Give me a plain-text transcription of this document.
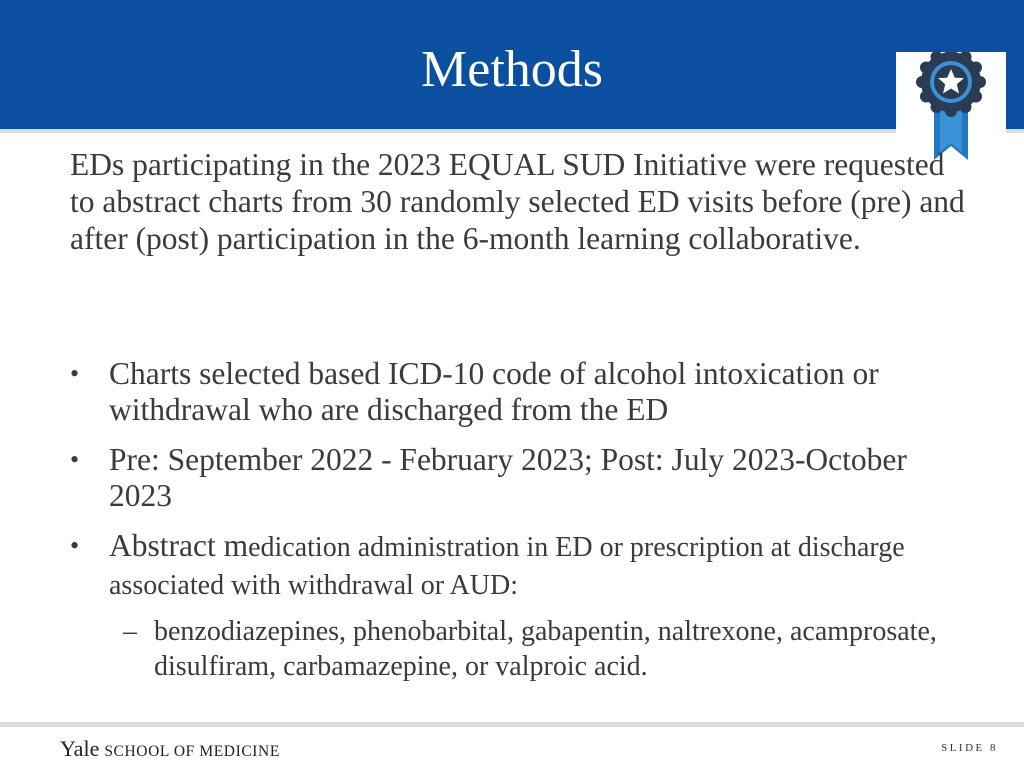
Methods

EDs participating in the 2023 EQUAL SUD Initiative were requested to abstract charts from 30 randomly selected ED visits before (pre) and after (post) participation in the 6-month learning collaborative.

• Charts selected based ICD-10 code of alcohol intoxication or withdrawal who are discharged from the ED
• Pre: September 2022 - February 2023; Post: July 2023-October 2023
• Abstract medication administration in ED or prescription at discharge associated with withdrawal or AUD:
– benzodiazepines, phenobarbital, gabapentin, naltrexone, acamprosate, disulfiram, carbamazepine, or valproic acid.
Yale SCHOOL OF MEDICINE	SLIDE 8
